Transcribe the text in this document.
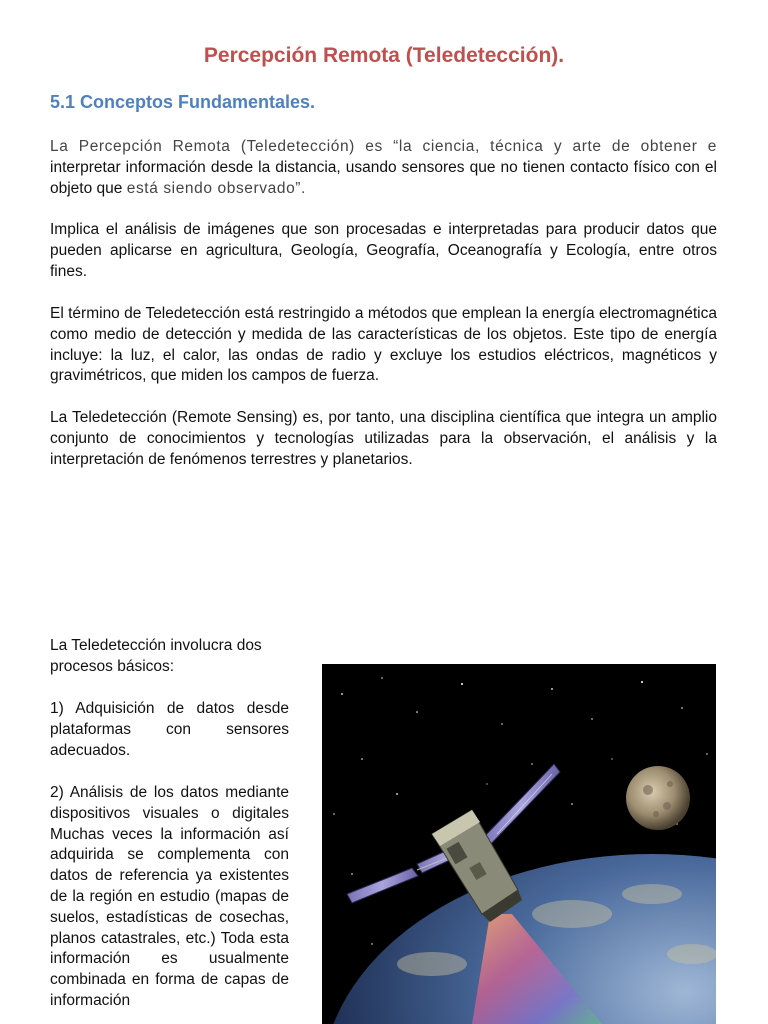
Percepción Remota (Teledetección).
5.1 Conceptos Fundamentales.
La Percepción Remota (Teledetección) es “la ciencia, técnica y arte de obtener e interpretar información desde la distancia, usando sensores que no tienen contacto físico con el objeto que está siendo observado”.
Implica el análisis de imágenes que son procesadas e interpretadas para producir datos que pueden aplicarse en agricultura, Geología, Geografía, Oceanografía y Ecología, entre otros fines.
El término de Teledetección está restringido a métodos que emplean la energía electromagnética como medio de detección y medida de las características de los objetos. Este tipo de energía incluye: la luz, el calor, las ondas de radio y excluye los estudios eléctricos, magnéticos y gravimétricos, que miden los campos de fuerza.
La Teledetección (Remote Sensing) es, por tanto, una disciplina científica que integra un amplio conjunto de conocimientos y tecnologías utilizadas para la observación, el análisis y la interpretación de fenómenos terrestres y planetarios.
La Teledetección involucra dos procesos básicos:
1) Adquisición de datos desde plataformas con sensores adecuados.
2) Análisis de los datos mediante dispositivos visuales o digitales Muchas veces la información así adquirida se complementa con datos de referencia ya existentes de la región en estudio (mapas de suelos, estadísticas de cosechas, planos catastrales, etc.) Toda esta información es usualmente combinada en forma de capas de información
